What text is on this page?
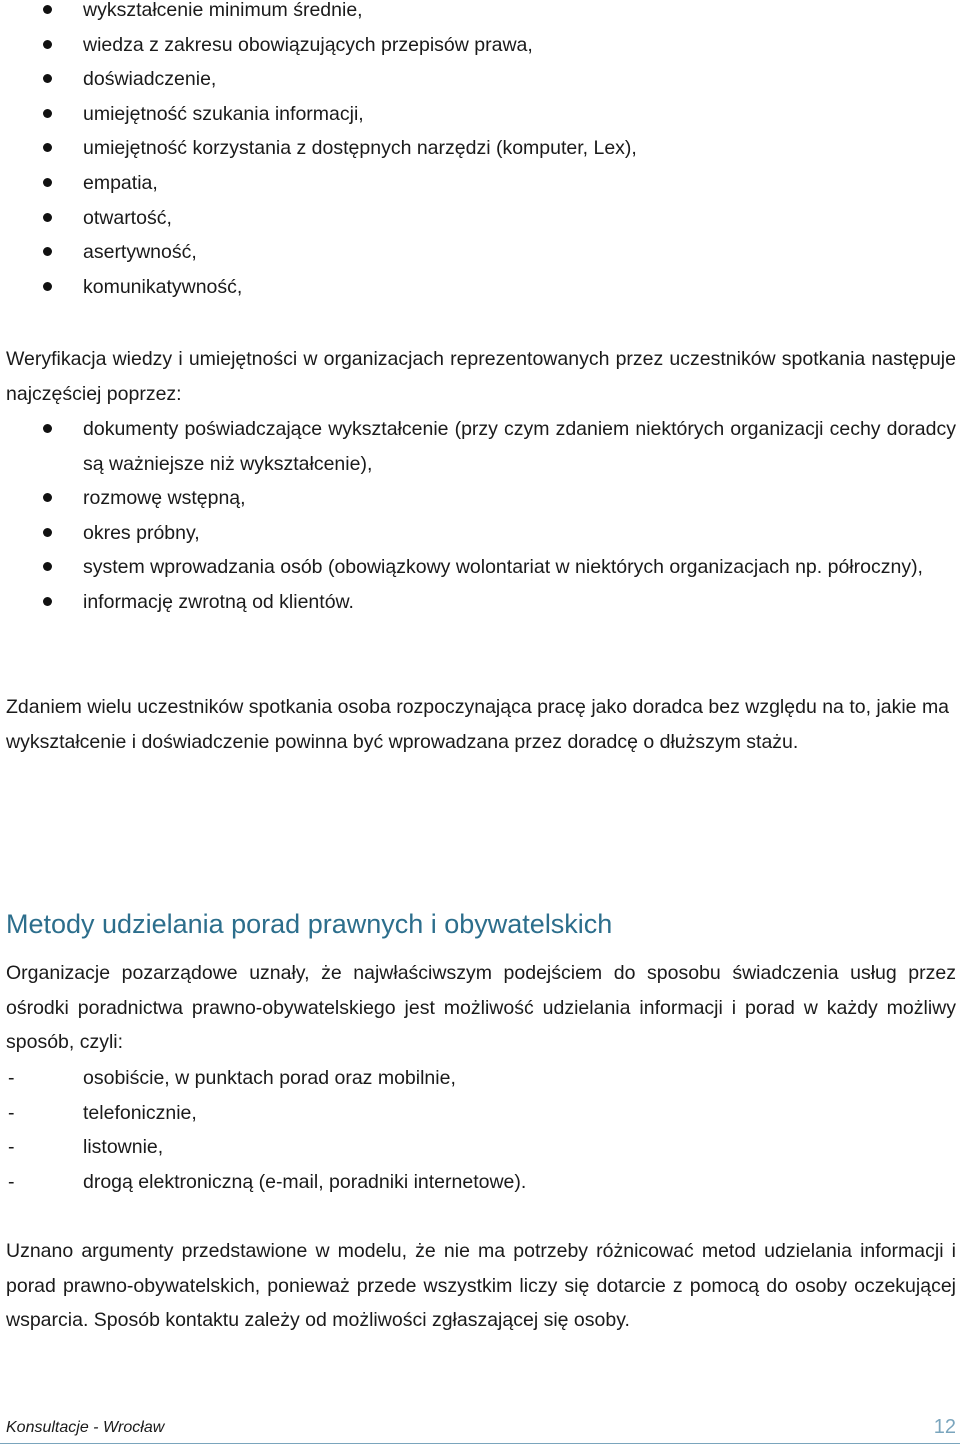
wykształcenie minimum średnie,
wiedza z zakresu obowiązujących przepisów prawa,
doświadczenie,
umiejętność szukania informacji,
umiejętność korzystania z dostępnych narzędzi (komputer, Lex),
empatia,
otwartość,
asertywność,
komunikatywność,

Weryfikacja wiedzy i umiejętności w organizacjach reprezentowanych przez uczestników spotkania następuje najczęściej poprzez:

dokumenty poświadczające wykształcenie (przy czym zdaniem niektórych organizacji cechy doradcy są ważniejsze niż wykształcenie),
rozmowę wstępną,
okres próbny,
system wprowadzania osób (obowiązkowy wolontariat w niektórych organizacjach np. półroczny),
informację zwrotną od klientów.

Zdaniem wielu uczestników spotkania osoba rozpoczynająca pracę jako doradca bez względu na to, jakie ma wykształcenie i doświadczenie powinna być wprowadzana przez doradcę o dłuższym stażu.

Metody udzielania porad prawnych i obywatelskich

Organizacje pozarządowe uznały, że najwłaściwszym podejściem do sposobu świadczenia usług przez ośrodki poradnictwa prawno-obywatelskiego jest możliwość udzielania informacji i porad w każdy możliwy sposób, czyli:

- osobiście, w punktach porad oraz mobilnie,
- telefonicznie,
- listownie,
- drogą elektroniczną (e-mail, poradniki internetowe).

Uznano argumenty przedstawione w modelu, że nie ma potrzeby różnicować metod udzielania informacji i porad prawno-obywatelskich, ponieważ przede wszystkim liczy się dotarcie z pomocą do osoby oczekującej wsparcia. Sposób kontaktu zależy od możliwości zgłaszającej się osoby.

Konsultacje - Wrocław	12
